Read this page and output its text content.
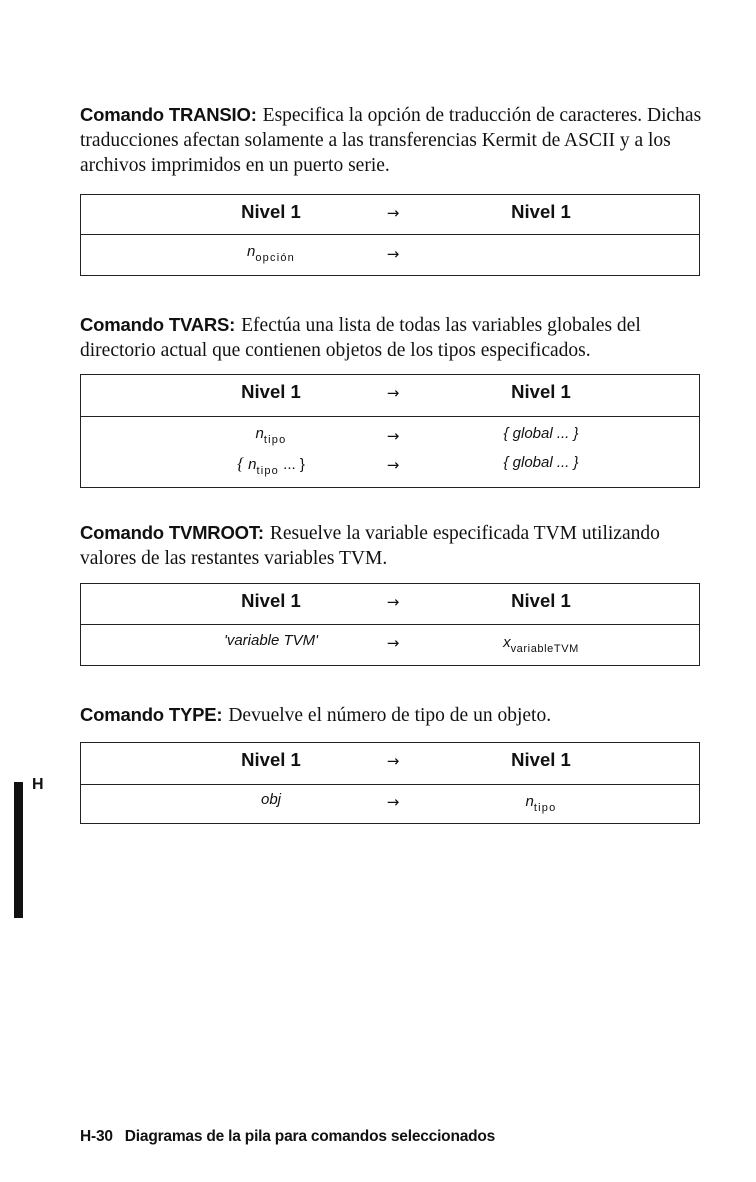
Comando TRANSIO: Especifica la opción de traducción de caracteres. Dichas traducciones afectan solamente a las transferencias Kermit de ASCII y a los archivos imprimidos en un puerto serie.

Nivel 1	→	Nivel 1
$n_{opción}$	→

Comando TVARS: Efectúa una lista de todas las variables globales del directorio actual que contienen objetos de los tipos especificados.

Nivel 1	→	Nivel 1
$n_{tipo}$	→	{ global ... }
{ $n_{tipo}$ ... }	→	{ global ... }

Comando TVMROOT: Resuelve la variable especificada TVM utilizando valores de las restantes variables TVM.

Nivel 1	→	Nivel 1
'variable TVM'	→	$x_{variableTVM}$

Comando TYPE: Devuelve el número de tipo de un objeto.

Nivel 1	→	Nivel 1
obj	→	$n_{tipo}$
H
H-30 Diagramas de la pila para comandos seleccionados
